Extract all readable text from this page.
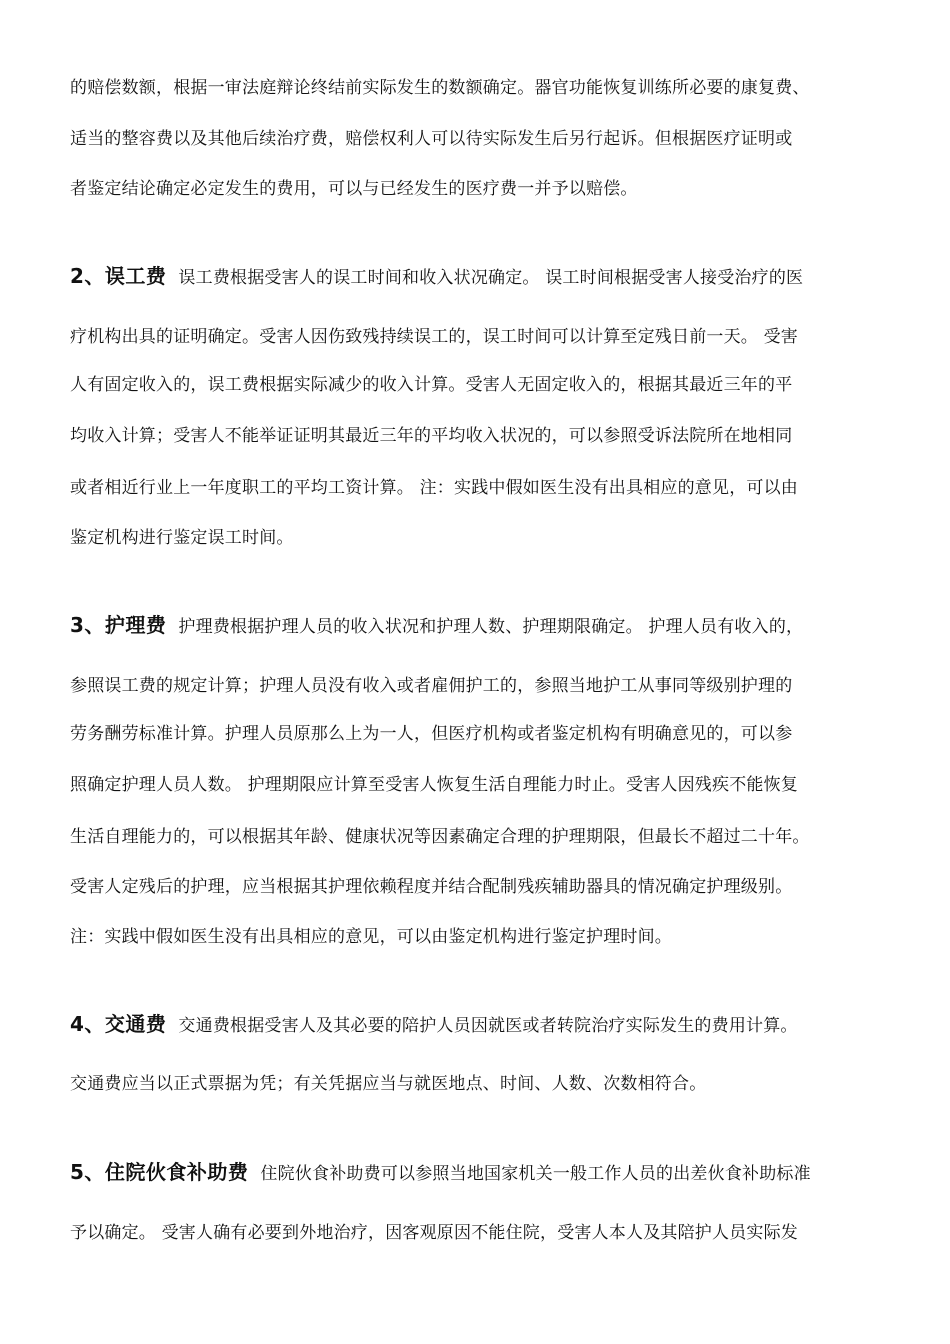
的赔偿数额，根据一审法庭辩论终结前实际发生的数额确定。器官功能恢复训练所必要的康复费、
适当的整容费以及其他后续治疗费，赔偿权利人可以待实际发生后另行起诉。但根据医疗证明或
者鉴定结论确定必定发生的费用，可以与已经发生的医疗费一并予以赔偿。
2、误工费 误工费根据受害人的误工时间和收入状况确定。 误工时间根据受害人接受治疗的医
疗机构出具的证明确定。受害人因伤致残持续误工的，误工时间可以计算至定残日前一天。 受害
人有固定收入的，误工费根据实际减少的收入计算。受害人无固定收入的，根据其最近三年的平
均收入计算；受害人不能举证证明其最近三年的平均收入状况的，可以参照受诉法院所在地相同
或者相近行业上一年度职工的平均工资计算。 注：实践中假如医生没有出具相应的意见，可以由
鉴定机构进行鉴定误工时间。
3、护理费 护理费根据护理人员的收入状况和护理人数、护理期限确定。 护理人员有收入的，
参照误工费的规定计算；护理人员没有收入或者雇佣护工的，参照当地护工从事同等级别护理的
劳务酬劳标准计算。护理人员原那么上为一人，但医疗机构或者鉴定机构有明确意见的，可以参
照确定护理人员人数。 护理期限应计算至受害人恢复生活自理能力时止。受害人因残疾不能恢复
生活自理能力的，可以根据其年龄、健康状况等因素确定合理的护理期限，但最长不超过二十年。
受害人定残后的护理，应当根据其护理依赖程度并结合配制残疾辅助器具的情况确定护理级别。
注：实践中假如医生没有出具相应的意见，可以由鉴定机构进行鉴定护理时间。
4、交通费 交通费根据受害人及其必要的陪护人员因就医或者转院治疗实际发生的费用计算。
交通费应当以正式票据为凭；有关凭据应当与就医地点、时间、人数、次数相符合。
5、住院伙食补助费 住院伙食补助费可以参照当地国家机关一般工作人员的出差伙食补助标准
予以确定。 受害人确有必要到外地治疗，因客观原因不能住院，受害人本人及其陪护人员实际发
